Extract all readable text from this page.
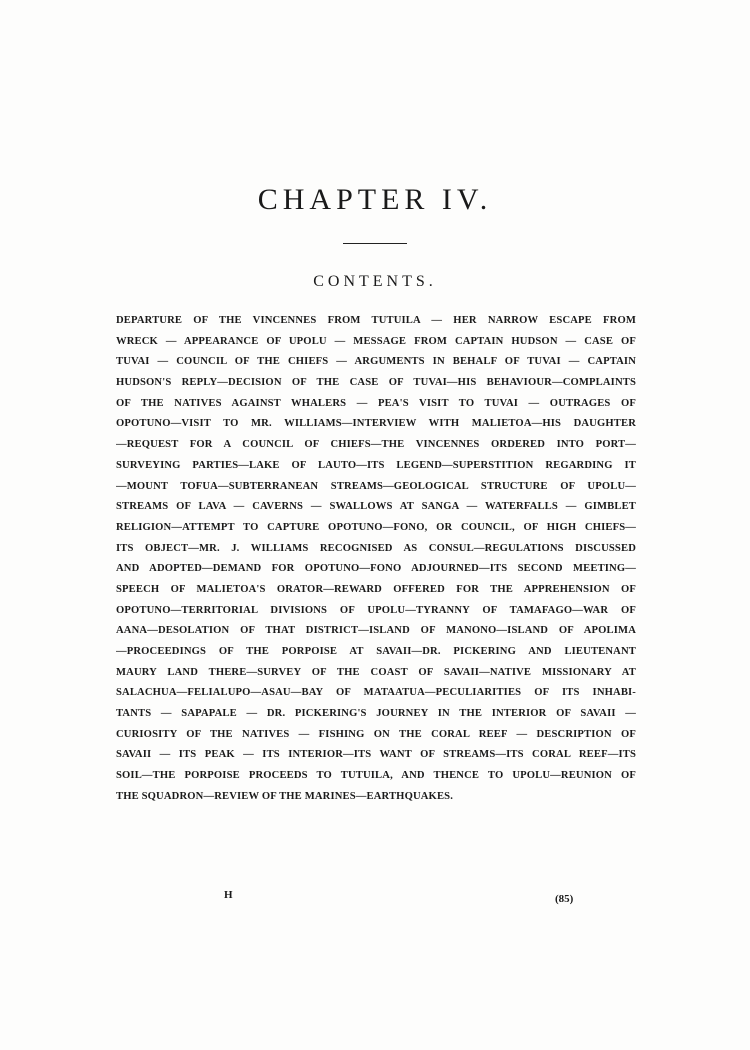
CHAPTER IV.
CONTENTS.
DEPARTURE OF THE VINCENNES FROM TUTUILA — HER NARROW ESCAPE FROM
WRECK — APPEARANCE OF UPOLU — MESSAGE FROM CAPTAIN HUDSON — CASE OF
TUVAI — COUNCIL OF THE CHIEFS — ARGUMENTS IN BEHALF OF TUVAI — CAPTAIN
HUDSON'S REPLY—DECISION OF THE CASE OF TUVAI—HIS BEHAVIOUR—COMPLAINTS
OF THE NATIVES AGAINST WHALERS — PEA'S VISIT TO TUVAI — OUTRAGES OF
OPOTUNO—VISIT TO MR. WILLIAMS—INTERVIEW WITH MALIETOA—HIS DAUGHTER
—REQUEST FOR A COUNCIL OF CHIEFS—THE VINCENNES ORDERED INTO PORT—
SURVEYING PARTIES—LAKE OF LAUTO—ITS LEGEND—SUPERSTITION REGARDING IT
—MOUNT TOFUA—SUBTERRANEAN STREAMS—GEOLOGICAL STRUCTURE OF UPOLU—
STREAMS OF LAVA — CAVERNS — SWALLOWS AT SANGA — WATERFALLS — GIMBLET
RELIGION—ATTEMPT TO CAPTURE OPOTUNO—FONO, OR COUNCIL, OF HIGH CHIEFS—
ITS OBJECT—MR. J. WILLIAMS RECOGNISED AS CONSUL—REGULATIONS DISCUSSED
AND ADOPTED—DEMAND FOR OPOTUNO—FONO ADJOURNED—ITS SECOND MEETING—
SPEECH OF MALIETOA'S ORATOR—REWARD OFFERED FOR THE APPREHENSION OF
OPOTUNO—TERRITORIAL DIVISIONS OF UPOLU—TYRANNY OF TAMAFAGO—WAR OF
AANA—DESOLATION OF THAT DISTRICT—ISLAND OF MANONO—ISLAND OF APOLIMA
—PROCEEDINGS OF THE PORPOISE AT SAVAII—DR. PICKERING AND LIEUTENANT
MAURY LAND THERE—SURVEY OF THE COAST OF SAVAII—NATIVE MISSIONARY AT
SALACHUA—FELIALUPO—ASAU—BAY OF MATAATUA—PECULIARITIES OF ITS INHABI-
TANTS — SAPAPALE — DR. PICKERING'S JOURNEY IN THE INTERIOR OF SAVAII —
CURIOSITY OF THE NATIVES — FISHING ON THE CORAL REEF — DESCRIPTION OF
SAVAII — ITS PEAK — ITS INTERIOR—ITS WANT OF STREAMS—ITS CORAL REEF—ITS
SOIL—THE PORPOISE PROCEEDS TO TUTUILA, AND THENCE TO UPOLU—REUNION OF
THE SQUADRON—REVIEW OF THE MARINES—EARTHQUAKES.
H	(85)
